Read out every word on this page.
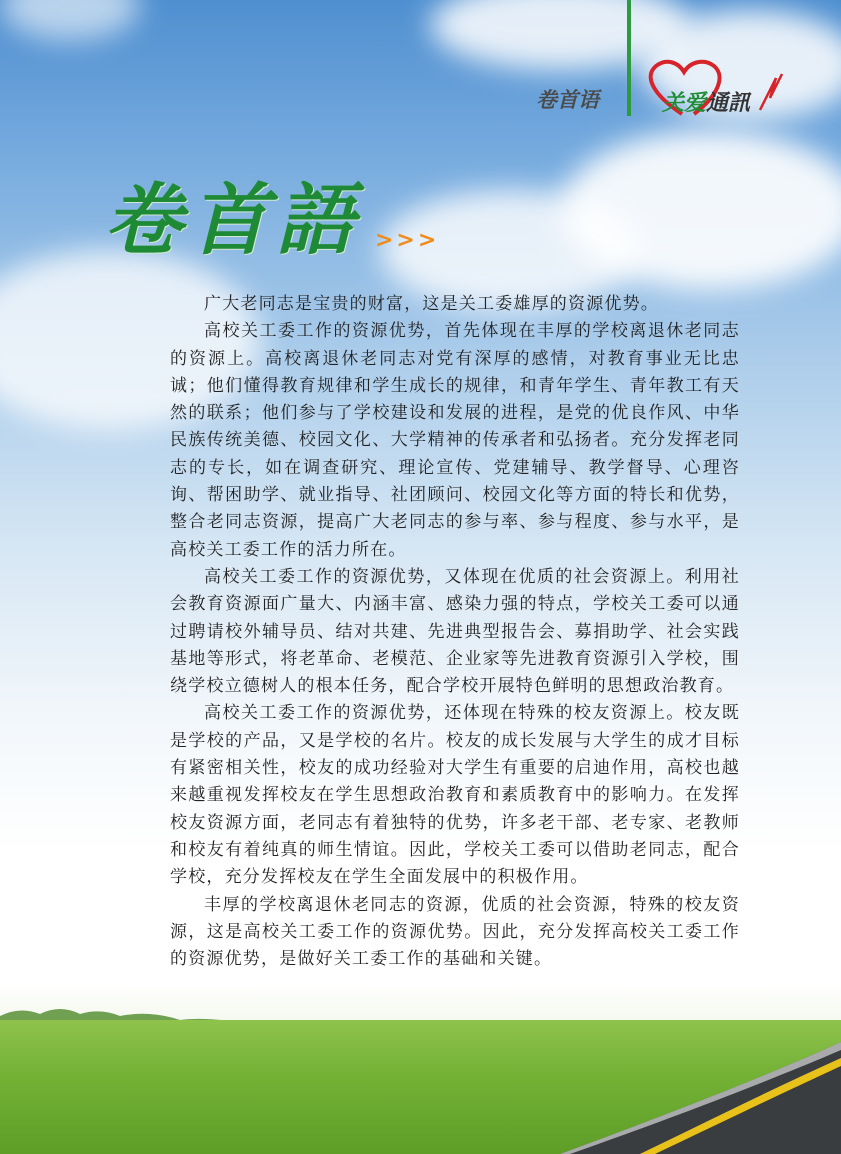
卷首语	关爱通訊
卷首語 >>>

广大老同志是宝贵的财富，这是关工委雄厚的资源优势。

高校关工委工作的资源优势，首先体现在丰厚的学校离退休老同志的资源上。高校离退休老同志对党有深厚的感情，对教育事业无比忠诚；他们懂得教育规律和学生成长的规律，和青年学生、青年教工有天然的联系；他们参与了学校建设和发展的进程，是党的优良作风、中华民族传统美德、校园文化、大学精神的传承者和弘扬者。充分发挥老同志的专长，如在调查研究、理论宣传、党建辅导、教学督导、心理咨询、帮困助学、就业指导、社团顾问、校园文化等方面的特长和优势，整合老同志资源，提高广大老同志的参与率、参与程度、参与水平，是高校关工委工作的活力所在。

高校关工委工作的资源优势，又体现在优质的社会资源上。利用社会教育资源面广量大、内涵丰富、感染力强的特点，学校关工委可以通过聘请校外辅导员、结对共建、先进典型报告会、募捐助学、社会实践基地等形式，将老革命、老模范、企业家等先进教育资源引入学校，围绕学校立德树人的根本任务，配合学校开展特色鲜明的思想政治教育。

高校关工委工作的资源优势，还体现在特殊的校友资源上。校友既是学校的产品，又是学校的名片。校友的成长发展与大学生的成才目标有紧密相关性，校友的成功经验对大学生有重要的启迪作用，高校也越来越重视发挥校友在学生思想政治教育和素质教育中的影响力。在发挥校友资源方面，老同志有着独特的优势，许多老干部、老专家、老教师和校友有着纯真的师生情谊。因此，学校关工委可以借助老同志，配合学校，充分发挥校友在学生全面发展中的积极作用。

丰厚的学校离退休老同志的资源，优质的社会资源，特殊的校友资源，这是高校关工委工作的资源优势。因此，充分发挥高校关工委工作的资源优势，是做好关工委工作的基础和关键。
